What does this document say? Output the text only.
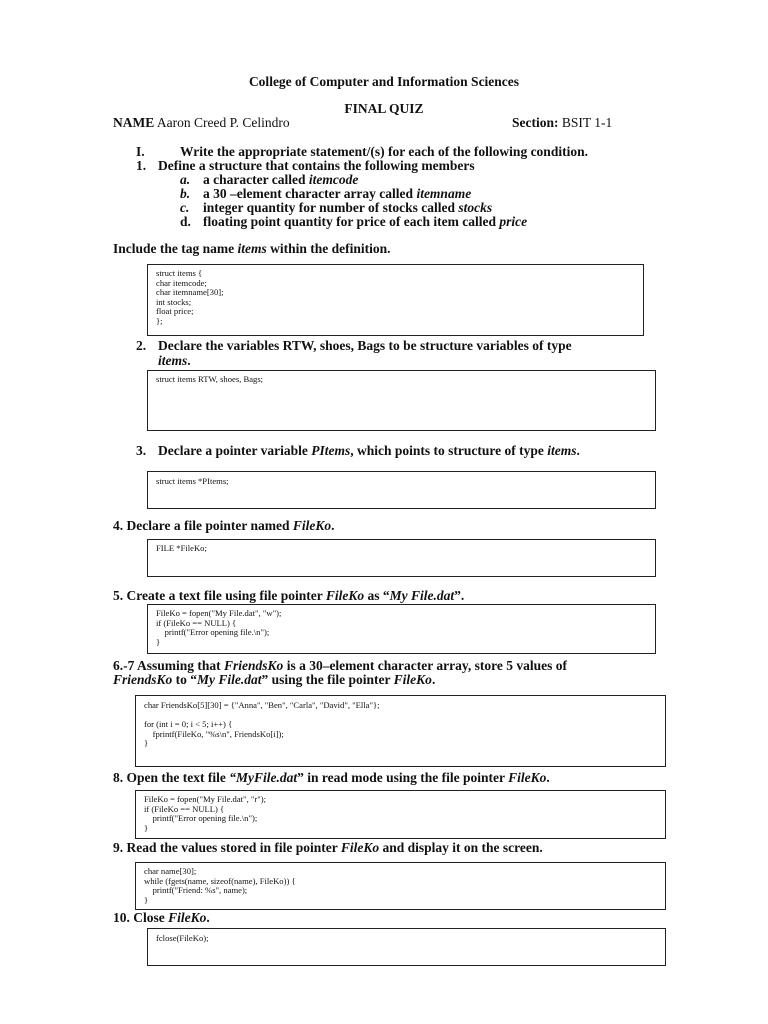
College of Computer and Information Sciences
FINAL QUIZ
NAME Aaron Creed P. Celindro	Section: BSIT 1-1
I.	Write the appropriate statement/(s) for each of the following condition.
1. Define a structure that contains the following members
a. a character called itemcode
b. a 30 –element character array called itemname
c. integer quantity for number of stocks called stocks
d. floating point quantity for price of each item called price
Include the tag name items within the definition.
struct items {
char itemcode;
char itemname[30];
int stocks;
float price;
};
2. Declare the variables RTW, shoes, Bags to be structure variables of type
items.
struct items RTW, shoes, Bags;
3. Declare a pointer variable PItems, which points to structure of type items.
struct items *PItems;
4. Declare a file pointer named FileKo.
FILE *FileKo;
5. Create a text file using file pointer FileKo as “My File.dat”.
FileKo = fopen("My File.dat", "w");
if (FileKo == NULL) {
printf("Error opening file.\n");
}
6.-7 Assuming that FriendsKo is a 30–element character array, store 5 values of
FriendsKo to “My File.dat” using the file pointer FileKo.
char FriendsKo[5][30] = {"Anna", "Ben", "Carla", "David", "Ella"};

for (int i = 0; i < 5; i++) {
fprintf(FileKo, "%s\n", FriendsKo[i]);
}
8. Open the text file “MyFile.dat” in read mode using the file pointer FileKo.
FileKo = fopen("My File.dat", "r");
if (FileKo == NULL) {
printf("Error opening file.\n");
}
9. Read the values stored in file pointer FileKo and display it on the screen.
char name[30];
while (fgets(name, sizeof(name), FileKo)) {
printf("Friend: %s", name);
}
10. Close FileKo.
fclose(FileKo);
